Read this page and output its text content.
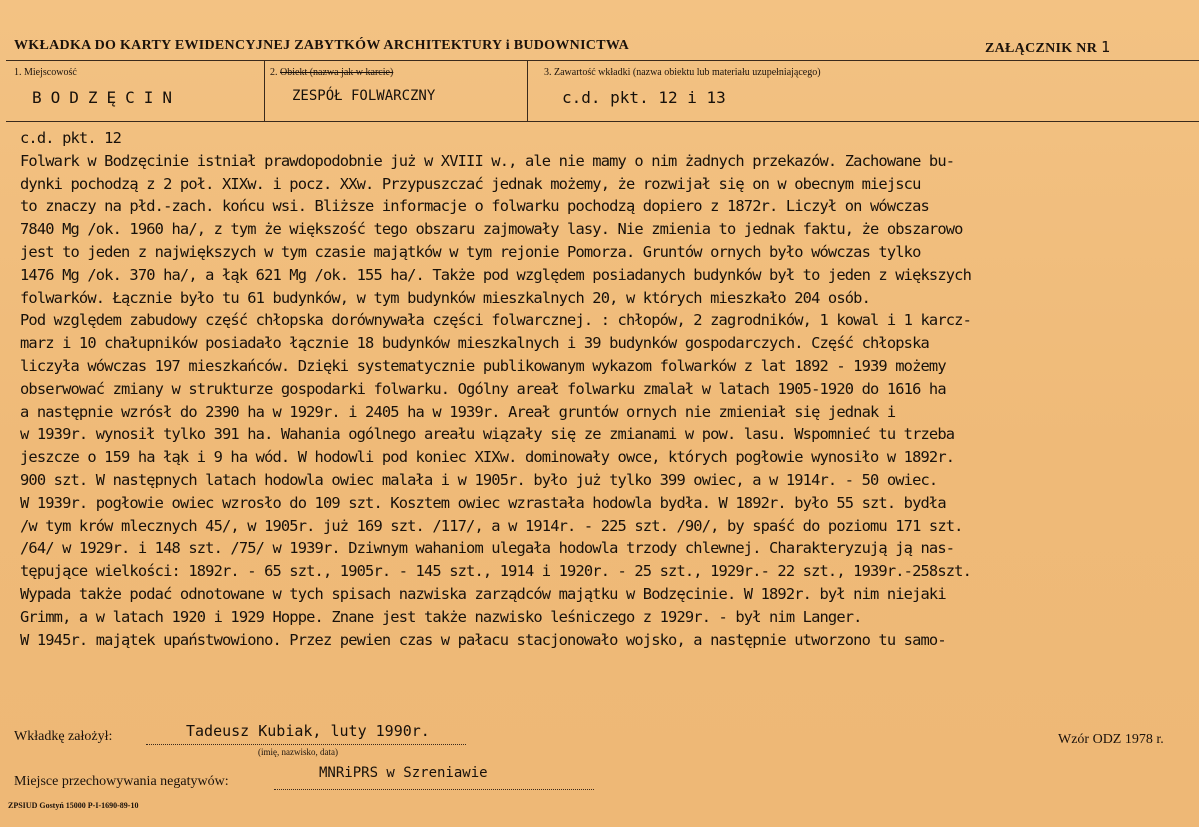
WKŁADKA DO KARTY EWIDENCYJNEJ ZABYTKÓW ARCHITEKTURY i BUDOWNICTWA	ZAŁĄCZNIK NR 1
1. Miejscowość
BODZĘCIN
2. Obiekt (nazwa jak w karcie)
ZESPÓŁ FOLWARCZNY
3. Zawartość wkładki (nazwa obiektu lub materiału uzupełniającego)
c.d. pkt. 12 i 13
c.d. pkt. 12
Folwark w Bodzęcinie istniał prawdopodobnie już w XVIII w., ale nie mamy o nim żadnych przekazów. Zachowane bu-
dynki pochodzą z 2 poł. XIXw. i pocz. XXw. Przypuszczać jednak możemy, że rozwijał się on w obecnym miejscu
to znaczy na płd.-zach. końcu wsi. Bliższe informacje o folwarku pochodzą dopiero z 1872r. Liczył on wówczas
7840 Mg /ok. 1960 ha/, z tym że większość tego obszaru zajmowały lasy. Nie zmienia to jednak faktu, że obszarowo
jest to jeden z największych w tym czasie majątków w tym rejonie Pomorza. Gruntów ornych było wówczas tylko
1476 Mg /ok. 370 ha/, a łąk 621 Mg /ok. 155 ha/. Także pod względem posiadanych budynków był to jeden z większych
folwarków. Łącznie było tu 61 budynków, w tym budynków mieszkalnych 20, w których mieszkało 204 osób.
Pod względem zabudowy część chłopska dorównywała części folwarcznej. : chłopów, 2 zagrodników, 1 kowal i 1 karcz-
marz i 10 chałupników posiadało łącznie 18 budynków mieszkalnych i 39 budynków gospodarczych. Część chłopska
liczyła wówczas 197 mieszkańców. Dzięki systematycznie publikowanym wykazom folwarków z lat 1892 - 1939 możemy
obserwować zmiany w strukturze gospodarki folwarku. Ogólny areał folwarku zmalał w latach 1905-1920 do 1616 ha
a następnie wzrósł do 2390 ha w 1929r. i 2405 ha w 1939r. Areał gruntów ornych nie zmieniał się jednak i
w 1939r. wynosił tylko 391 ha. Wahania ogólnego areału wiązały się ze zmianami w pow. lasu. Wspomnieć tu trzeba
jeszcze o 159 ha łąk i 9 ha wód. W hodowli pod koniec XIXw. dominowały owce, których pogłowie wynosiło w 1892r.
900 szt. W następnych latach hodowla owiec malała i w 1905r. było już tylko 399 owiec, a w 1914r. - 50 owiec.
W 1939r. pogłowie owiec wzrosło do 109 szt. Kosztem owiec wzrastała hodowla bydła. W 1892r. było 55 szt. bydła
/w tym krów mlecznych 45/, w 1905r. już 169 szt. /117/, a w 1914r. - 225 szt. /90/, by spaść do poziomu 171 szt.
/64/ w 1929r. i 148 szt. /75/ w 1939r. Dziwnym wahaniom ulegała hodowla trzody chlewnej. Charakteryzują ją nas-
tępujące wielkości: 1892r. - 65 szt., 1905r. - 145 szt., 1914 i 1920r. - 25 szt., 1929r.- 22 szt., 1939r.-258szt.
Wypada także podać odnotowane w tych spisach nazwiska zarządców majątku w Bodzęcinie. W 1892r. był nim niejaki
Grimm, a w latach 1920 i 1929 Hoppe. Znane jest także nazwisko leśniczego z 1929r. - był nim Langer.
W 1945r. majątek upaństwowiono. Przez pewien czas w pałacu stacjonowało wojsko, a następnie utworzono tu samo-
Wkładkę założył:	Tadeusz Kubiak, luty 1990r.
(imię, nazwisko, data)
Wzór ODZ 1978 r.
Miejsce przechowywania negatywów:
MNRiPRS w Szreniawie
ZPSIUD Gostyń 15000 P-I-1690-89-10
